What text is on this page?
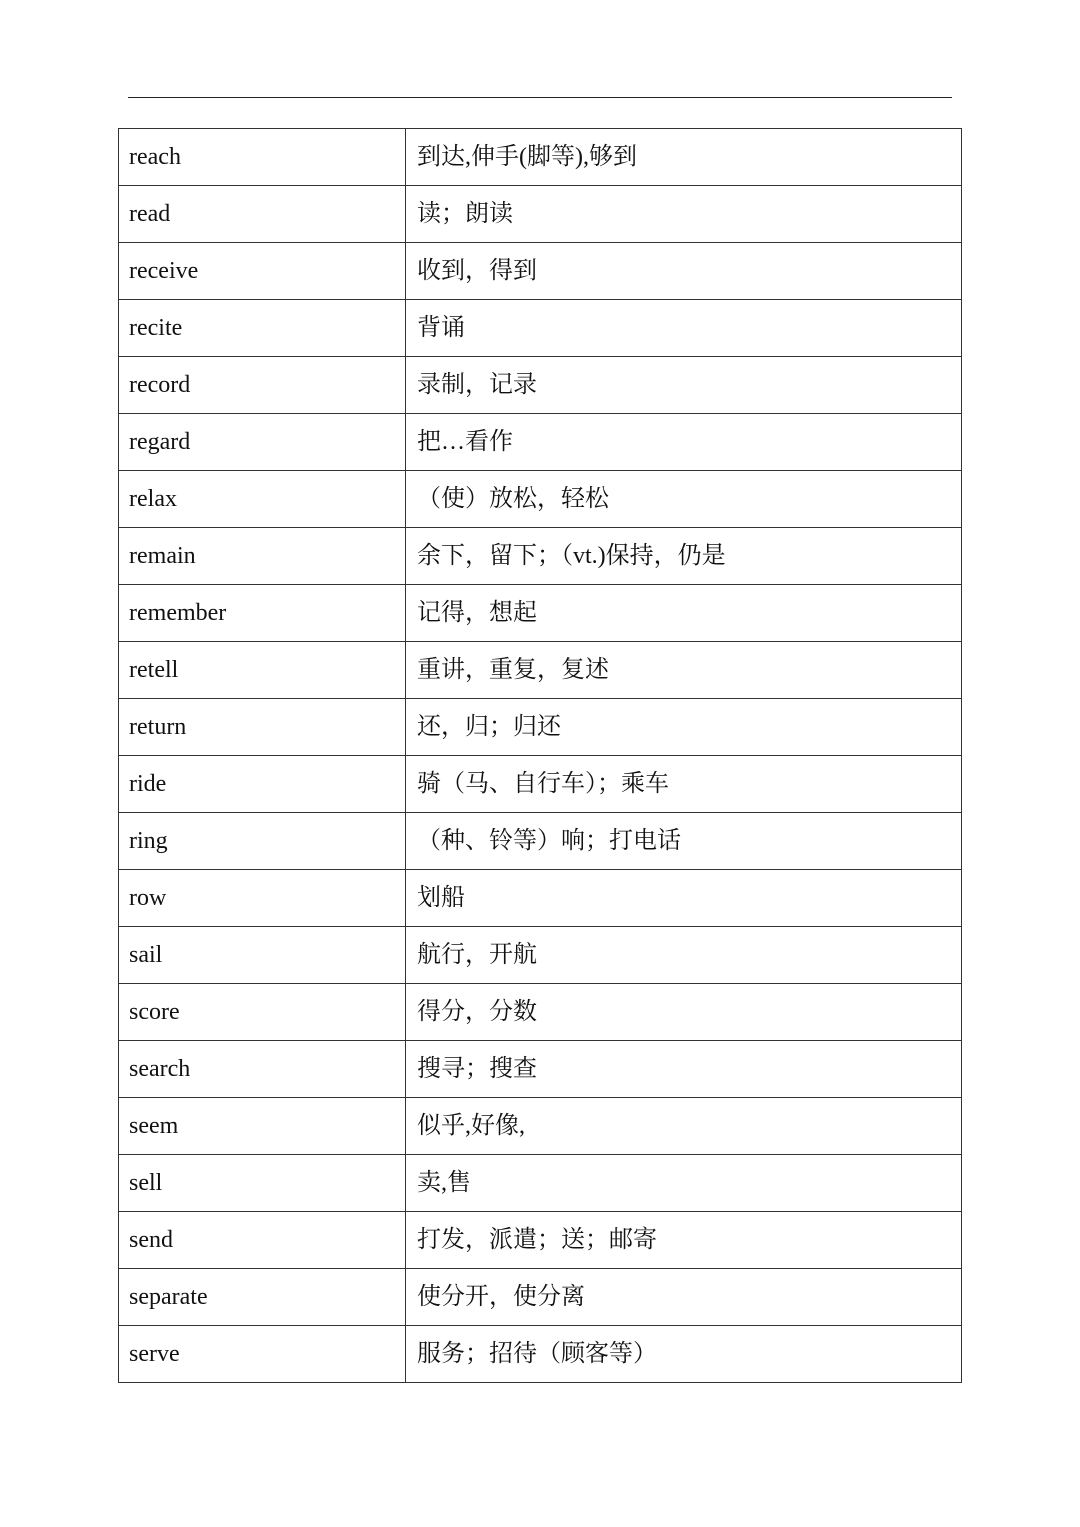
reach	到达,伸手(脚等),够到
read	读；朗读
receive	收到，得到
recite	背诵
record	录制，记录
regard	把…看作
relax	（使）放松，轻松
remain	余下，留下；（vt.)保持，仍是
remember	记得，想起
retell	重讲，重复，复述
return	还，归；归还
ride	骑（马、自行车）；乘车
ring	（种、铃等）响；打电话
row	划船
sail	航行，开航
score	得分，分数
search	搜寻；搜查
seem	似乎,好像,
sell	卖,售
send	打发，派遣；送；邮寄
separate	使分开，使分离
serve	服务；招待（顾客等）
